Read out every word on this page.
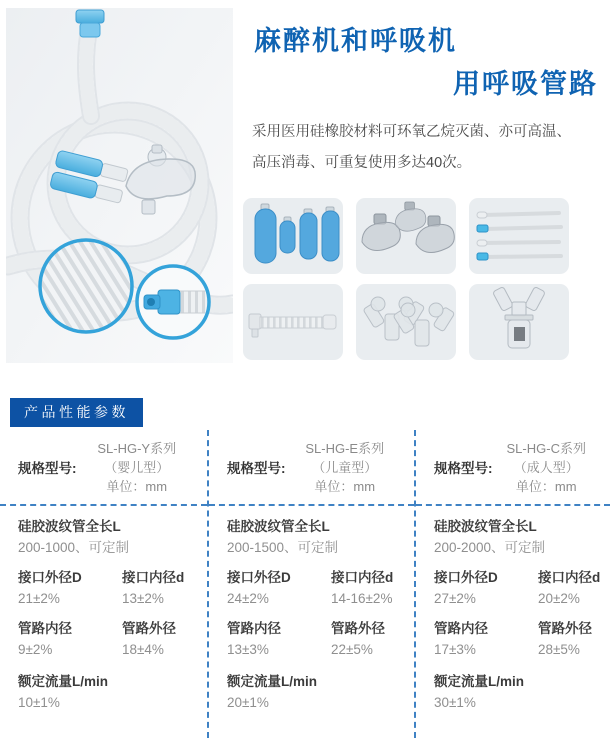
麻醉机和呼吸机
用呼吸管路
采用医用硅橡胶材料可环氧乙烷灭菌、亦可高温、
高压消毒、可重复使用多达40次。
产品性能参数
规格型号:
SL-HG-Y系列
（婴儿型）
单位：mm
硅胶波纹管全长L
200-1000、可定制
接口外径D
21±2%
接口内径d
13±2%
管路内径
9±2%
管路外径
18±4%
额定流量L/min
10±1%
规格型号:
SL-HG-E系列
（儿童型）
单位：mm
硅胶波纹管全长L
200-1500、可定制
接口外径D
24±2%
接口内径d
14-16±2%
管路内径
13±3%
管路外径
22±5%
额定流量L/min
20±1%
规格型号:
SL-HG-C系列
（成人型）
单位：mm
硅胶波纹管全长L
200-2000、可定制
接口外径D
27±2%
接口内径d
20±2%
管路内径
17±3%
管路外径
28±5%
额定流量L/min
30±1%
